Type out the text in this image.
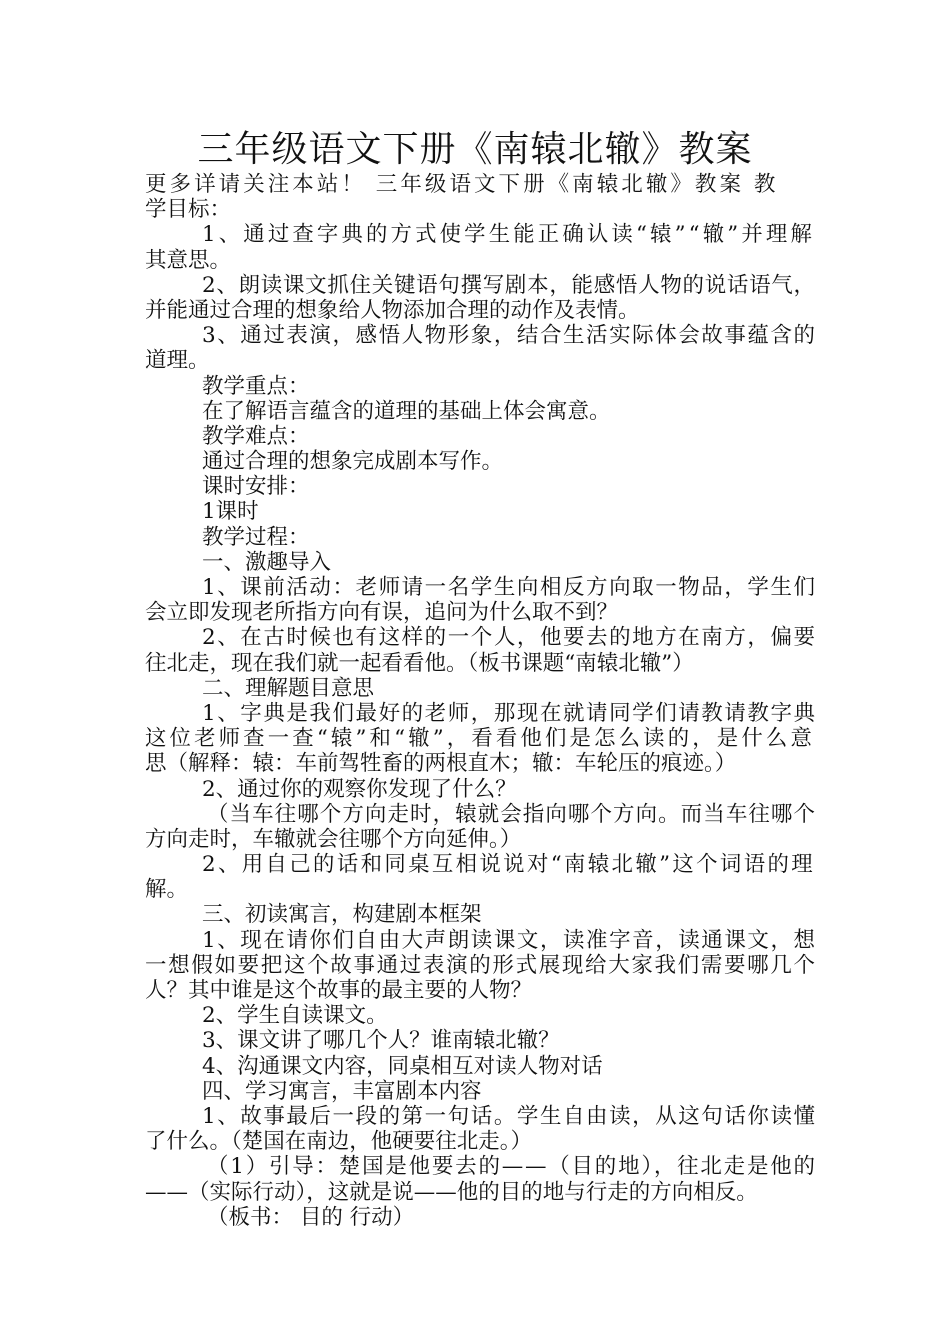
三年级语文下册《南辕北辙》教案
更多详请关注本站！ 三年级语文下册《南辕北辙》教案 教
学目标：
1、通过查字典的方式使学生能正确认读“辕”“辙”并理解
其意思。
2、朗读课文抓住关键语句撰写剧本，能感悟人物的说话语气，
并能通过合理的想象给人物添加合理的动作及表情。
3、通过表演，感悟人物形象，结合生活实际体会故事蕴含的
道理。
教学重点：
在了解语言蕴含的道理的基础上体会寓意。
教学难点：
通过合理的想象完成剧本写作。
课时安排：
1课时
教学过程：
一、激趣导入
1、课前活动：老师请一名学生向相反方向取一物品，学生们
会立即发现老所指方向有误，追问为什么取不到？
2、在古时候也有这样的一个人，他要去的地方在南方，偏要
往北走，现在我们就一起看看他。（板书课题“南辕北辙”）
二、理解题目意思
1、字典是我们最好的老师，那现在就请同学们请教请教字典
这位老师查一查“辕”和“辙”，看看他们是怎么读的，是什么意
思（解释：辕：车前驾牲畜的两根直木；辙：车轮压的痕迹。）
2、通过你的观察你发现了什么？
（当车往哪个方向走时，辕就会指向哪个方向。而当车往哪个
方向走时，车辙就会往哪个方向延伸。）
2、用自己的话和同桌互相说说对“南辕北辙”这个词语的理
解。
三、初读寓言，构建剧本框架
1、现在请你们自由大声朗读课文，读准字音，读通课文，想
一想假如要把这个故事通过表演的形式展现给大家我们需要哪几个
人？其中谁是这个故事的最主要的人物？
2、学生自读课文。
3、课文讲了哪几个人？谁南辕北辙？
4、沟通课文内容，同桌相互对读人物对话
四、学习寓言，丰富剧本内容
1、故事最后一段的第一句话。学生自由读，从这句话你读懂
了什么。（楚国在南边，他硬要往北走。）
（1）引导：楚国是他要去的——（目的地），往北走是他的
——（实际行动），这就是说——他的目的地与行走的方向相反。
（板书： 目的 行动）
